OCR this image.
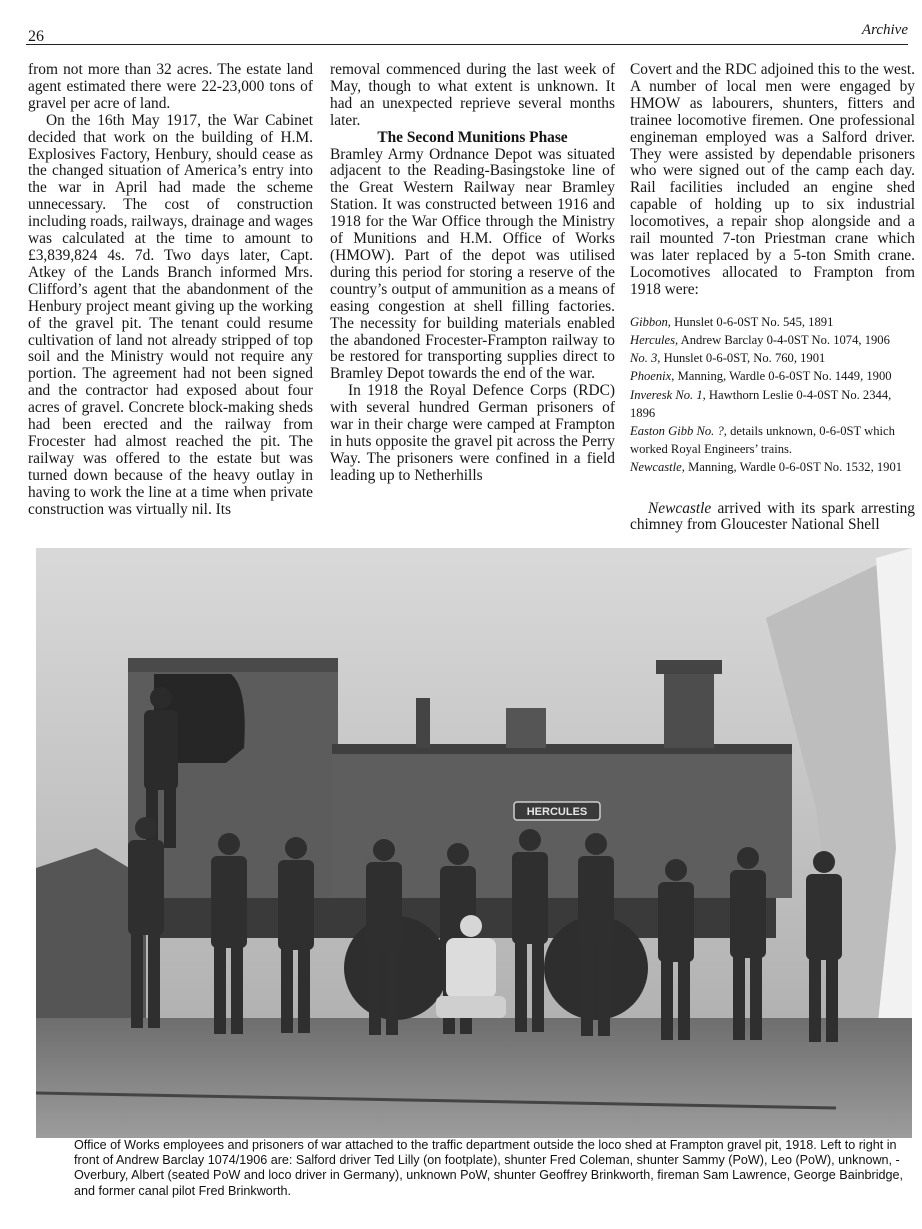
26	Archive

from not more than 32 acres. The estate land agent estimated there were 22-23,000 tons of gravel per acre of land.

On the 16th May 1917, the War Cabinet decided that work on the building of H.M. Explosives Factory, Henbury, should cease as the changed situation of America’s entry into the war in April had made the scheme unnecessary. The cost of construction including roads, railways, drainage and wages was calculated at the time to amount to £3,839,824 4s. 7d. Two days later, Capt. Atkey of the Lands Branch informed Mrs. Clifford’s agent that the abandonment of the Henbury project meant giving up the working of the gravel pit. The tenant could resume cultivation of land not already stripped of top soil and the Ministry would not require any portion. The agreement had not been signed and the contractor had exposed about four acres of gravel. Concrete block-making sheds had been erected and the railway from Frocester had almost reached the pit. The railway was offered to the estate but was turned down because of the heavy outlay in having to work the line at a time when private construction was virtually nil. Its

removal commenced during the last week of May, though to what extent is unknown. It had an unexpected reprieve several months later.

The Second Munitions Phase

Bramley Army Ordnance Depot was situated adjacent to the Reading-Basingstoke line of the Great Western Railway near Bramley Station. It was constructed between 1916 and 1918 for the War Office through the Ministry of Munitions and H.M. Office of Works (HMOW). Part of the depot was utilised during this period for storing a reserve of the country’s output of ammunition as a means of easing congestion at shell filling factories. The necessity for building materials enabled the abandoned Frocester-Frampton railway to be restored for transporting supplies direct to Bramley Depot towards the end of the war.

In 1918 the Royal Defence Corps (RDC) with several hundred German prisoners of war in their charge were camped at Frampton in huts opposite the gravel pit across the Perry Way. The prisoners were confined in a field leading up to Netherhills

Covert and the RDC adjoined this to the west. A number of local men were engaged by HMOW as labourers, shunters, fitters and trainee locomotive firemen. One professional engineman employed was a Salford driver. They were assisted by dependable prisoners who were signed out of the camp each day. Rail facilities included an engine shed capable of holding up to six industrial locomotives, a repair shop alongside and a rail mounted 7-ton Priestman crane which was later replaced by a 5-ton Smith crane. Locomotives allocated to Frampton from 1918 were:

Gibbon, Hunslet 0-6-0ST No. 545, 1891
Hercules, Andrew Barclay 0-4-0ST No. 1074, 1906
No. 3, Hunslet 0-6-0ST, No. 760, 1901
Phoenix, Manning, Wardle 0-6-0ST No. 1449, 1900
Inveresk No. 1, Hawthorn Leslie 0-4-0ST No. 2344, 1896
Easton Gibb No. ?, details unknown, 0-6-0ST which worked Royal Engineers’ trains.
Newcastle, Manning, Wardle 0-6-0ST No. 1532, 1901

Newcastle arrived with its spark arresting chimney from Gloucester National Shell

HERCULES
Office of Works employees and prisoners of war attached to the traffic department outside the loco shed at Frampton gravel pit, 1918. Left to right in front of Andrew Barclay 1074/1906 are: Salford driver Ted Lilly (on footplate), shunter Fred Coleman, shunter Sammy (PoW), Leo (PoW), unknown, - Overbury, Albert (seated PoW and loco driver in Germany), unknown PoW, shunter Geoffrey Brinkworth, fireman Sam Lawrence, George Bainbridge, and former canal pilot Fred Brinkworth.
